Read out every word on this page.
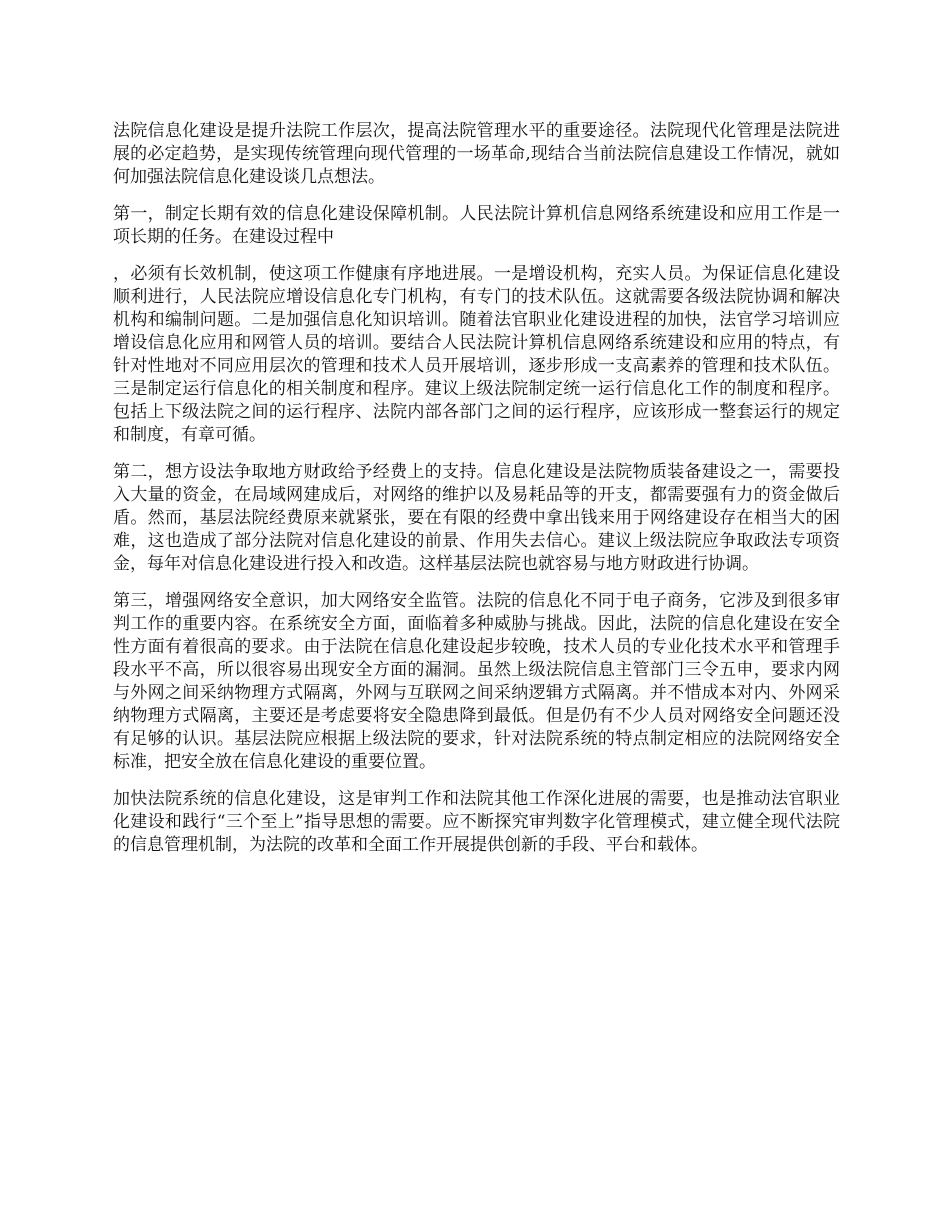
法院信息化建设是提升法院工作层次，提高法院管理水平的重要途径。法院现代化管理是法院进展的必定趋势，是实现传统管理向现代管理的一场革命,现结合当前法院信息建设工作情况，就如何加强法院信息化建设谈几点想法。

第一，制定长期有效的信息化建设保障机制。人民法院计算机信息网络系统建设和应用工作是一项长期的任务。在建设过程中

，必须有长效机制，使这项工作健康有序地进展。一是增设机构，充实人员。为保证信息化建设顺利进行，人民法院应增设信息化专门机构，有专门的技术队伍。这就需要各级法院协调和解决机构和编制问题。二是加强信息化知识培训。随着法官职业化建设进程的加快，法官学习培训应增设信息化应用和网管人员的培训。要结合人民法院计算机信息网络系统建设和应用的特点，有针对性地对不同应用层次的管理和技术人员开展培训，逐步形成一支高素养的管理和技术队伍。三是制定运行信息化的相关制度和程序。建议上级法院制定统一运行信息化工作的制度和程序。包括上下级法院之间的运行程序、法院内部各部门之间的运行程序，应该形成一整套运行的规定和制度，有章可循。

第二，想方设法争取地方财政给予经费上的支持。信息化建设是法院物质装备建设之一，需要投入大量的资金，在局域网建成后，对网络的维护以及易耗品等的开支，都需要强有力的资金做后盾。然而，基层法院经费原来就紧张，要在有限的经费中拿出钱来用于网络建设存在相当大的困难，这也造成了部分法院对信息化建设的前景、作用失去信心。建议上级法院应争取政法专项资金，每年对信息化建设进行投入和改造。这样基层法院也就容易与地方财政进行协调。

第三，增强网络安全意识，加大网络安全监管。法院的信息化不同于电子商务，它涉及到很多审判工作的重要内容。在系统安全方面，面临着多种威胁与挑战。因此，法院的信息化建设在安全性方面有着很高的要求。由于法院在信息化建设起步较晚，技术人员的专业化技术水平和管理手段水平不高，所以很容易出现安全方面的漏洞。虽然上级法院信息主管部门三令五申，要求内网与外网之间采纳物理方式隔离，外网与互联网之间采纳逻辑方式隔离。并不惜成本对内、外网采纳物理方式隔离，主要还是考虑要将安全隐患降到最低。但是仍有不少人员对网络安全问题还没有足够的认识。基层法院应根据上级法院的要求，针对法院系统的特点制定相应的法院网络安全标准，把安全放在信息化建设的重要位置。

加快法院系统的信息化建设，这是审判工作和法院其他工作深化进展的需要，也是推动法官职业化建设和践行“三个至上”指导思想的需要。应不断探究审判数字化管理模式，建立健全现代法院的信息管理机制，为法院的改革和全面工作开展提供创新的手段、平台和载体。
